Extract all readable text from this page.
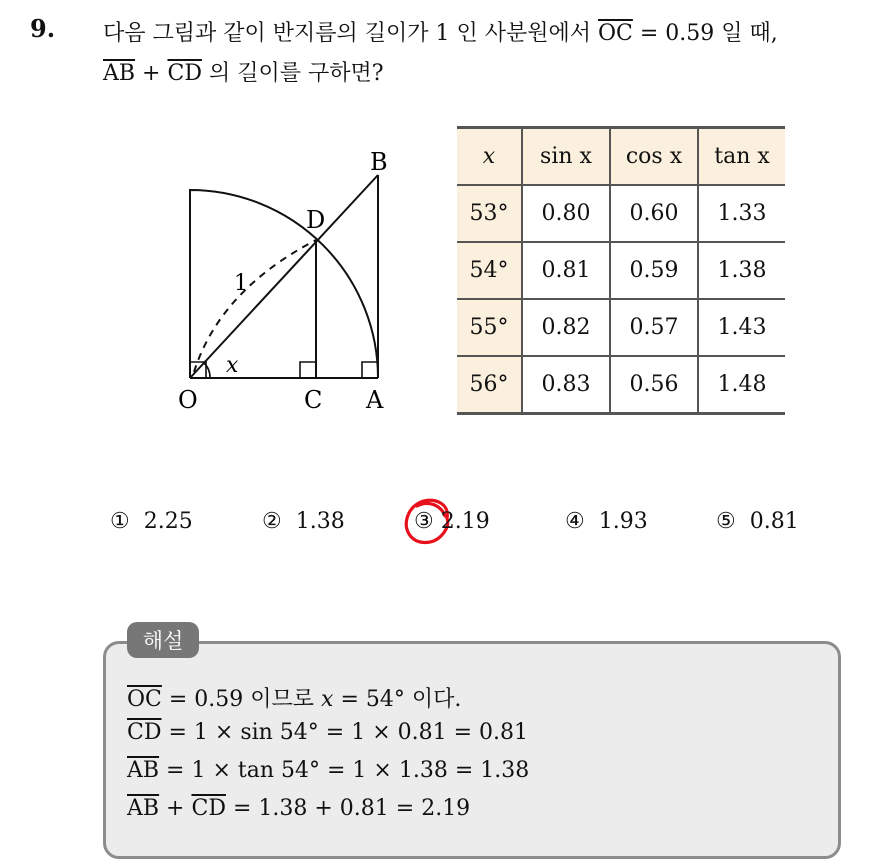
9. 다음 그림과 같이 반지름의 길이가 1 인 사분원에서 $\overline{OC} = 0.59$ 일 때,
$\overline{AB} + \overline{CD}$ 의 길이를 구하면?
O	C A
B
D
1
x
x	sin x	cos x	tan x
53°	0.80	0.60	1.33
54°	0.81	0.59	1.38
55°	0.82	0.57	1.43
56°	0.83	0.56	1.48
① 2.25	② 1.38	③ 2.19	④ 1.93	⑤ 0.81
해설
$\overline{OC} = 0.59$ 이므로 x = 54° 이다.
$\overline{CD} = 1 \times \sin 54^\circ = 1 \times 0.81 = 0.81$
$\overline{AB} = 1 \times \tan 54^\circ = 1 \times 1.38 = 1.38$
$\overline{AB} + \overline{CD} = 1.38 + 0.81 = 2.19$
